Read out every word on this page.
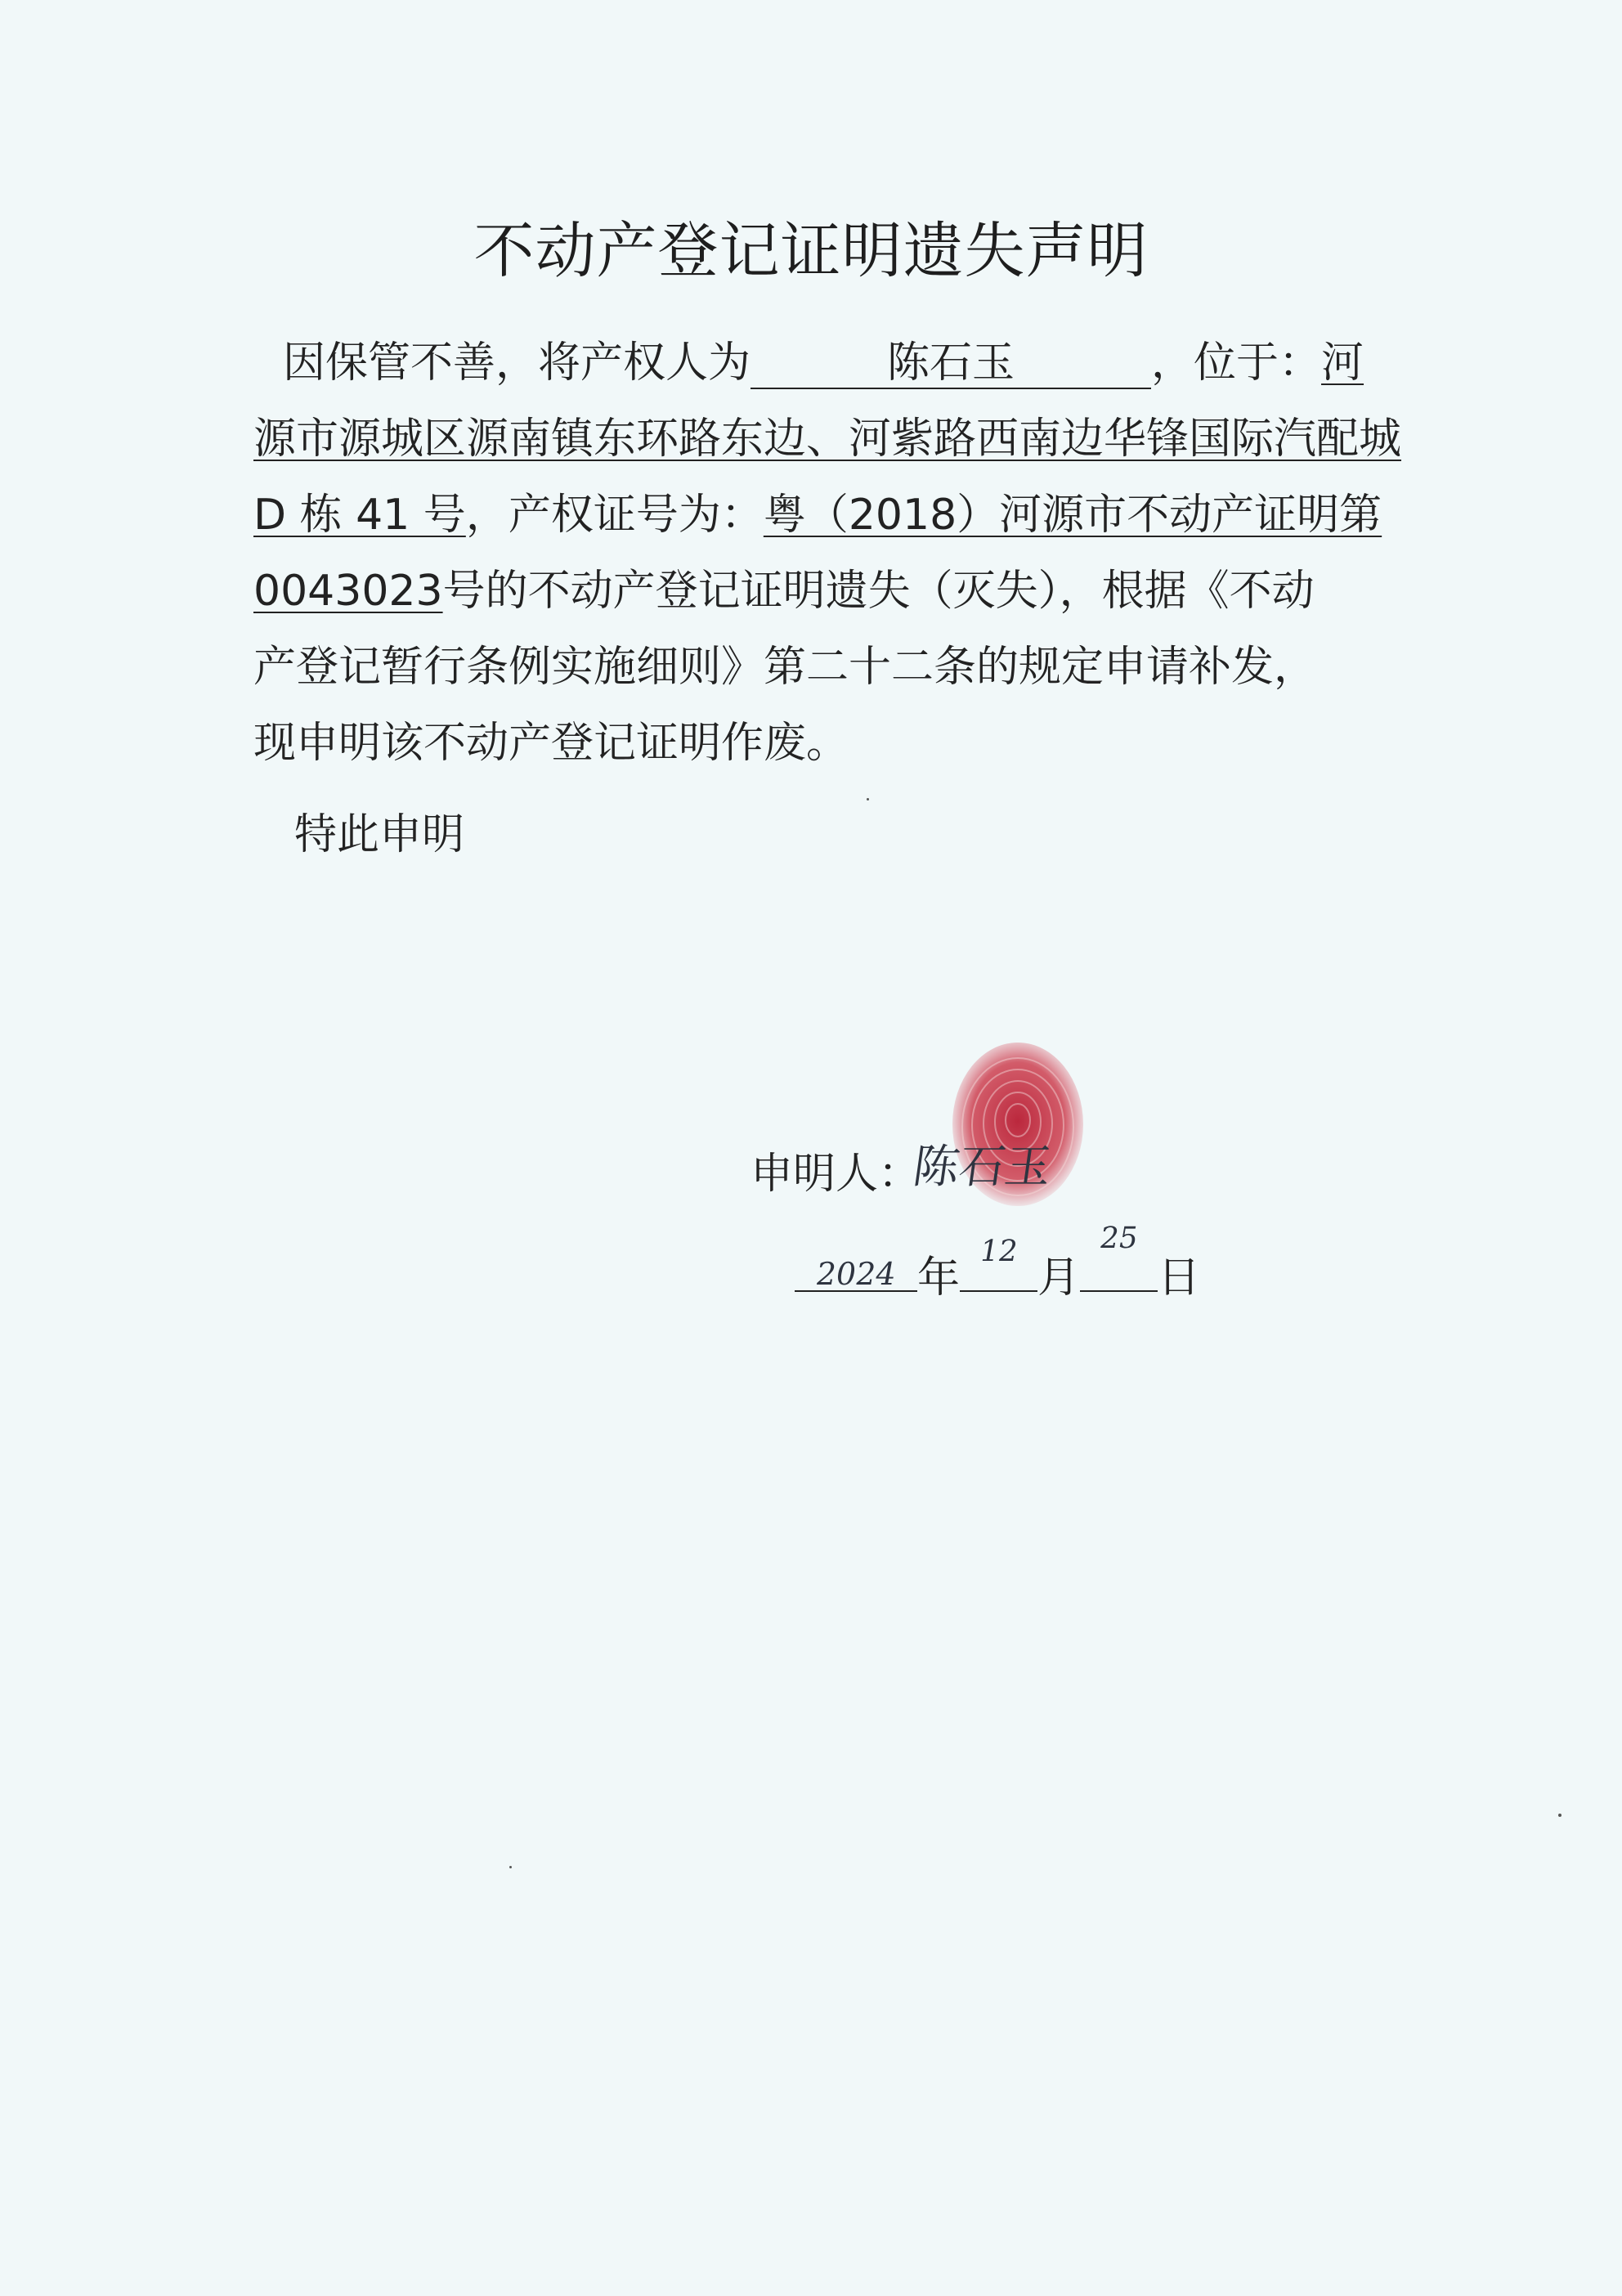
不动产登记证明遗失声明
因保管不善，将产权人为	陈石玉	，位于：河
源市源城区源南镇东环路东边、河紫路西南边华锋国际汽配城
D 栋 41 号，产权证号为：粤（2018）河源市不动产证明第
0043023号的不动产登记证明遗失（灭失），根据《不动
产登记暂行条例实施细则》第二十二条的规定申请补发，
现申明该不动产登记证明作废。
特此申明
申明人：
陈石玉
2024 年
12
月
25
日
